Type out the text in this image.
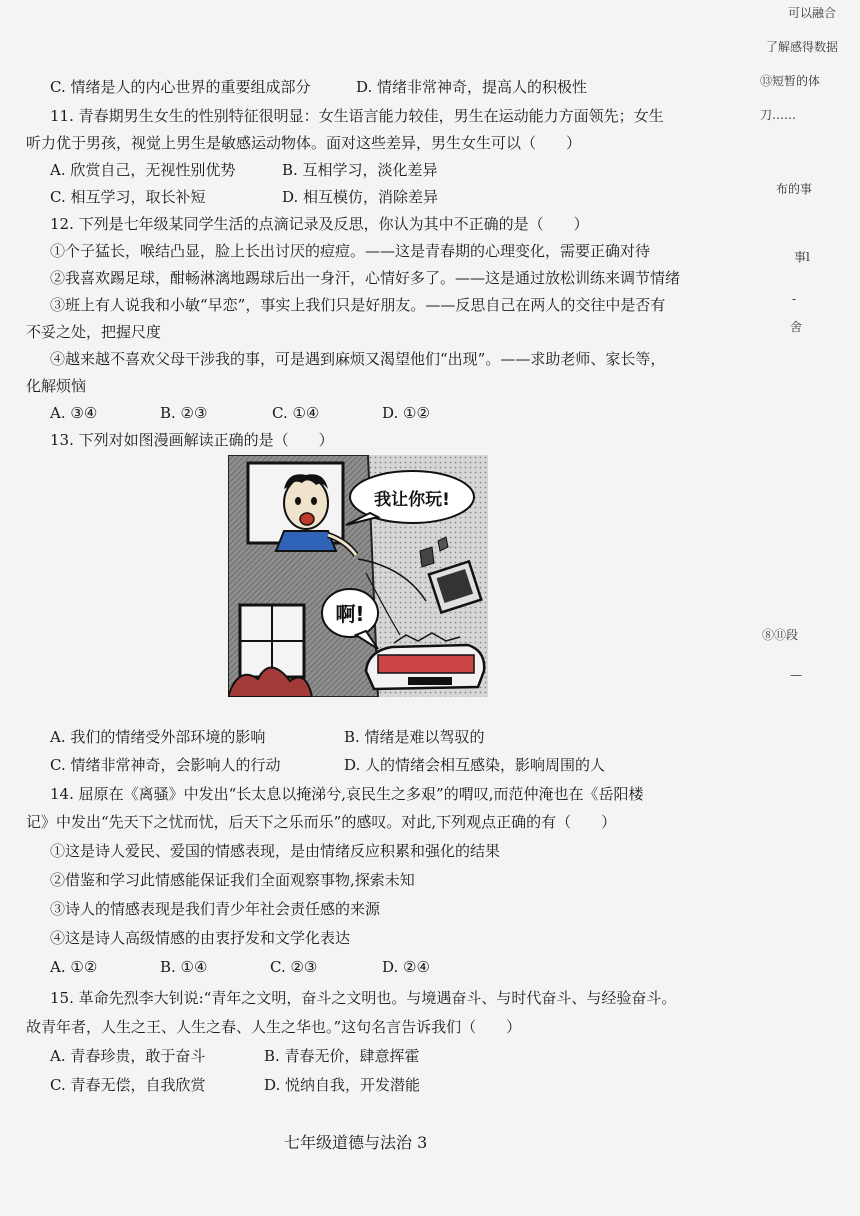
可以融合
了解感得数据
⑬短暂的体
刀……
布的事
事l
-
舍
⑧⑪段
—
C. 情绪是人的内心世界的重要组成部分	D. 情绪非常神奇，提高人的积极性
11. 青春期男生女生的性别特征很明显：女生语言能力较佳，男生在运动能力方面领先；女生
听力优于男孩，视觉上男生是敏感运动物体。面对这些差异，男生女生可以（　　）
A. 欣赏自己，无视性别优势	B. 互相学习，淡化差异
C. 相互学习，取长补短	D. 相互模仿，消除差异
12. 下列是七年级某同学生活的点滴记录及反思，你认为其中不正确的是（　　）
①个子猛长，喉结凸显，脸上长出讨厌的痘痘。——这是青春期的心理变化，需要正确对待
②我喜欢踢足球，酣畅淋漓地踢球后出一身汗，心情好多了。——这是通过放松训练来调节情绪
③班上有人说我和小敏“早恋”，事实上我们只是好朋友。——反思自己在两人的交往中是否有
不妥之处，把握尺度
④越来越不喜欢父母干涉我的事，可是遇到麻烦又渴望他们“出现”。——求助老师、家长等，
化解烦恼
A. ③④	B. ②③	C. ①④	D. ①②
13. 下列对如图漫画解读正确的是（　　）
我让你玩!
啊!
A. 我们的情绪受外部环境的影响	B. 情绪是难以驾驭的
C. 情绪非常神奇，会影响人的行动	D. 人的情绪会相互感染，影响周围的人
14. 屈原在《离骚》中发出“长太息以掩涕兮,哀民生之多艰”的喟叹,而范仲淹也在《岳阳楼
记》中发出“先天下之忧而忧，后天下之乐而乐”的感叹。对此,下列观点正确的有（　　）
①这是诗人爱民、爱国的情感表现，是由情绪反应积累和强化的结果
②借鉴和学习此情感能保证我们全面观察事物,探索未知
③诗人的情感表现是我们青少年社会责任感的来源
④这是诗人高级情感的由衷抒发和文学化表达
A. ①②	B. ①④	C. ②③	D. ②④
15. 革命先烈李大钊说:“青年之文明，奋斗之文明也。与境遇奋斗、与时代奋斗、与经验奋斗。
故青年者，人生之王、人生之春、人生之华也。”这句名言告诉我们（　　）
A. 青春珍贵，敢于奋斗	B. 青春无价，肆意挥霍
C. 青春无偿，自我欣赏	D. 悦纳自我，开发潜能
七年级道德与法治 3
